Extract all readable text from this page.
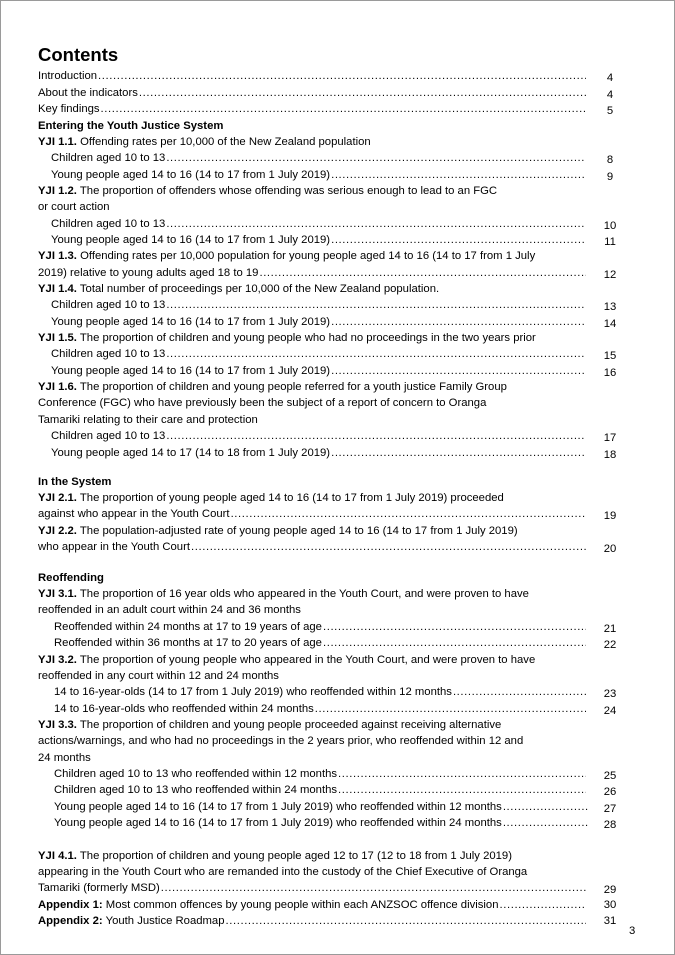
Contents
Introduction .....	4
About the indicators .....	4
Key findings .....	5
Entering the Youth Justice System
YJI 1.1. Offending rates per 10,000 of the New Zealand population
Children aged 10 to 13 .....	8
Young people aged 14 to 16 (14 to 17 from 1 July 2019) .....	9
YJI 1.2. The proportion of offenders whose offending was serious enough to lead to an FGC
or court action
Children aged 10 to 13 .....	10
Young people aged 14 to 16 (14 to 17 from 1 July 2019) .....	11
YJI 1.3. Offending rates per 10,000 population for young people aged 14 to 16 (14 to 17 from 1 July
2019) relative to young adults aged 18 to 19 .....	12
YJI 1.4. Total number of proceedings per 10,000 of the New Zealand population.
Children aged 10 to 13 .....	13
Young people aged 14 to 16 (14 to 17 from 1 July 2019) .....	14
YJI 1.5. The proportion of children and young people who had no proceedings in the two years prior
Children aged 10 to 13 .....	15
Young people aged 14 to 16 (14 to 17 from 1 July 2019) .....	16
YJI 1.6. The proportion of children and young people referred for a youth justice Family Group
Conference (FGC) who have previously been the subject of a report of concern to Oranga
Tamariki relating to their care and protection
Children aged 10 to 13 .....	17
Young people aged 14 to 17 (14 to 18 from 1 July 2019) .....	18
In the System
YJI 2.1. The proportion of young people aged 14 to 16 (14 to 17 from 1 July 2019) proceeded
against who appear in the Youth Court .....	19
YJI 2.2. The population-adjusted rate of young people aged 14 to 16 (14 to 17 from 1 July 2019)
who appear in the Youth Court .....	20
Reoffending
YJI 3.1. The proportion of 16 year olds who appeared in the Youth Court, and were proven to have
reoffended in an adult court within 24 and 36 months
Reoffended within 24 months at 17 to 19 years of age .....	21
Reoffended within 36 months at 17 to 20 years of age .....	22
YJI 3.2. The proportion of young people who appeared in the Youth Court, and were proven to have
reoffended in any court within 12 and 24 months
14 to 16-year-olds (14 to 17 from 1 July 2019) who reoffended within 12 months .....	23
14 to 16-year-olds who reoffended within 24 months .....	24
YJI 3.3. The proportion of children and young people proceeded against receiving alternative
actions/warnings, and who had no proceedings in the 2 years prior, who reoffended within 12 and
24 months
Children aged 10 to 13 who reoffended within 12 months .....	25
Children aged 10 to 13 who reoffended within 24 months .....	26
Young people aged 14 to 16 (14 to 17 from 1 July 2019) who reoffended within 12 months .....	27
Young people aged 14 to 16 (14 to 17 from 1 July 2019) who reoffended within 24 months .....	28
YJI 4.1. The proportion of children and young people aged 12 to 17 (12 to 18 from 1 July 2019)
appearing in the Youth Court who are remanded into the custody of the Chief Executive of Oranga
Tamariki (formerly MSD) .....	29
Appendix 1: Most common offences by young people within each ANZSOC offence division .....	30
Appendix 2: Youth Justice Roadmap .....	31
3
